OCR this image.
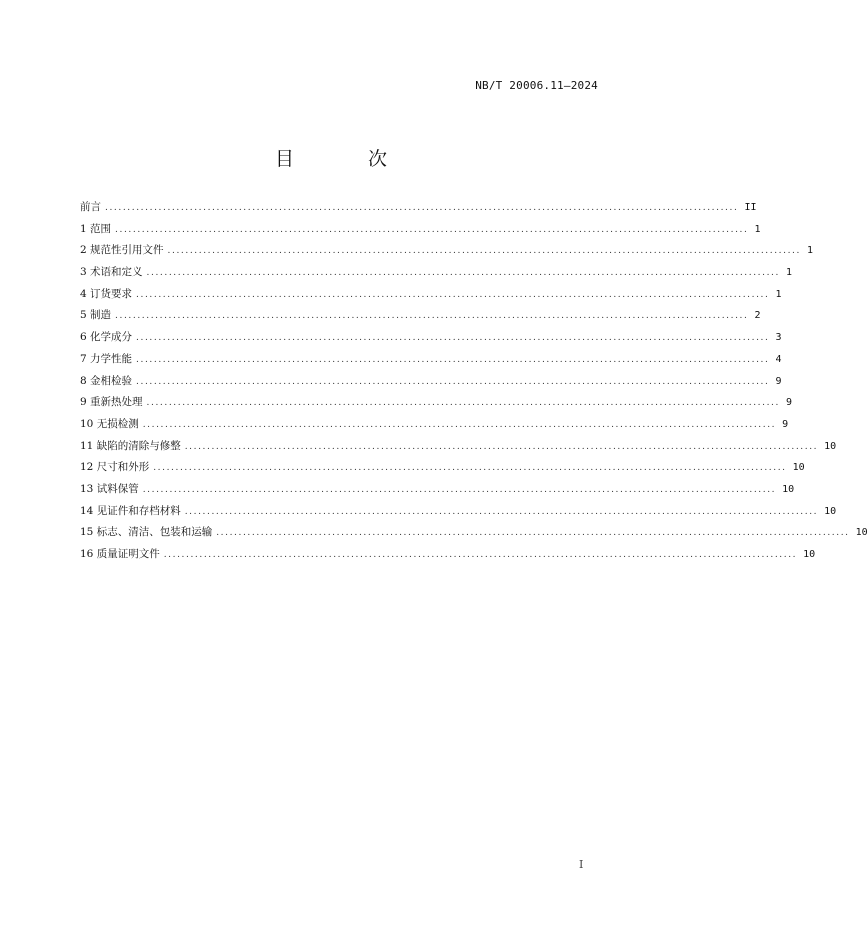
NB/T 20006.11—2024
目 次
前言 .............................................................................................................................................. II
1 范围 .............................................................................................................................................. 1
2 规范性引用文件 .............................................................................................................................................. 1
3 术语和定义 .............................................................................................................................................. 1
4 订货要求 .............................................................................................................................................. 1
5 制造 .............................................................................................................................................. 2
6 化学成分 .............................................................................................................................................. 3
7 力学性能 .............................................................................................................................................. 4
8 金相检验 .............................................................................................................................................. 9
9 重新热处理 .............................................................................................................................................. 9
10 无损检测 .............................................................................................................................................. 9
11 缺陷的清除与修整 .............................................................................................................................................. 10
12 尺寸和外形 .............................................................................................................................................. 10
13 试料保管 .............................................................................................................................................. 10
14 见证件和存档材料 .............................................................................................................................................. 10
15 标志、清洁、包装和运输 .............................................................................................................................................. 10
16 质量证明文件 .............................................................................................................................................. 10
I
